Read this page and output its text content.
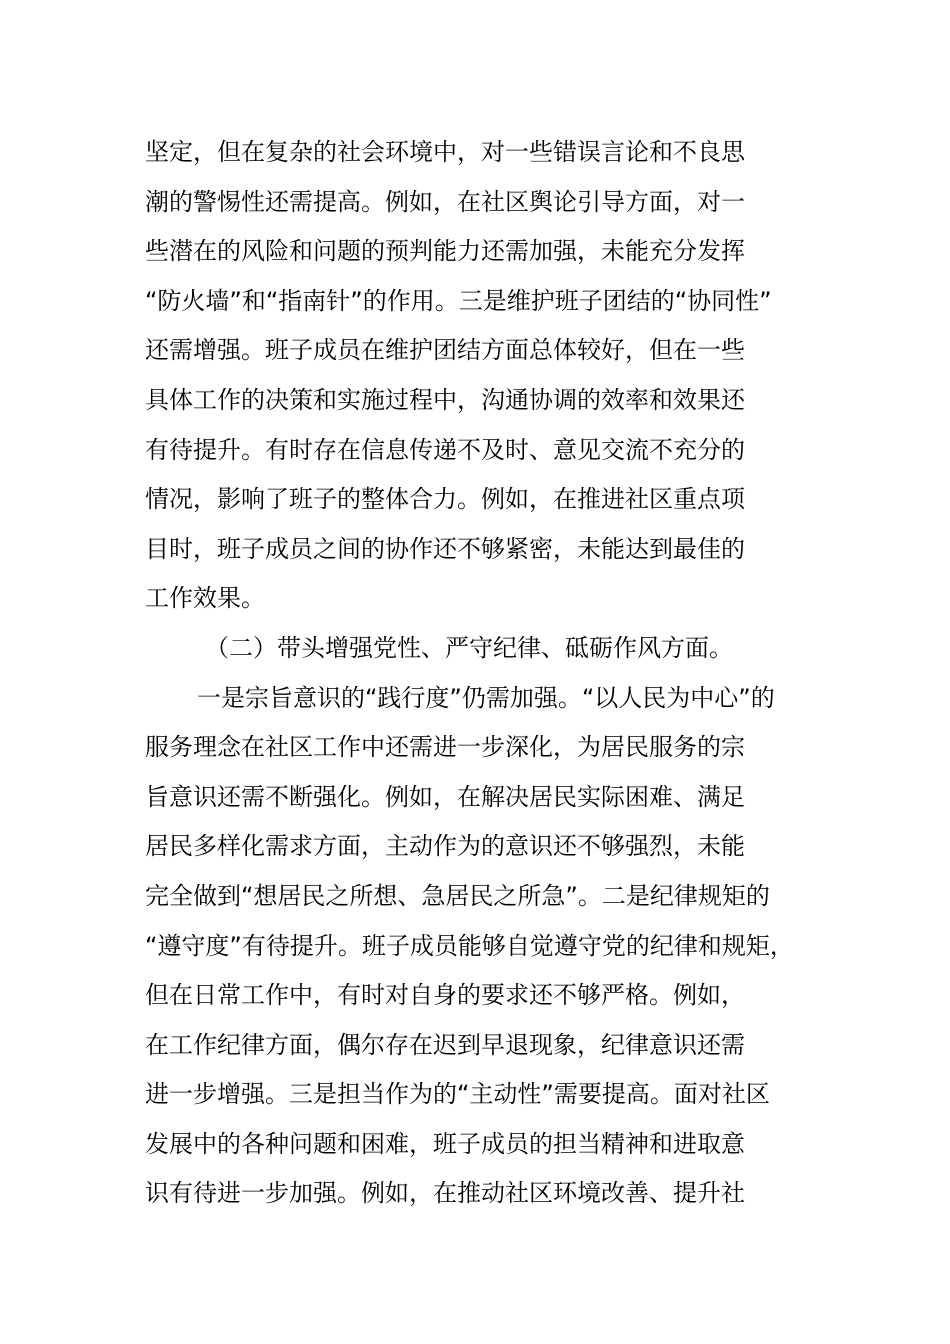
坚定，但在复杂的社会环境中，对一些错误言论和不良思
潮的警惕性还需提高。例如，在社区舆论引导方面，对一
些潜在的风险和问题的预判能力还需加强，未能充分发挥
“防火墙”和“指南针”的作用。三是维护班子团结的“协同性”
还需增强。班子成员在维护团结方面总体较好，但在一些
具体工作的决策和实施过程中，沟通协调的效率和效果还
有待提升。有时存在信息传递不及时、意见交流不充分的
情况，影响了班子的整体合力。例如，在推进社区重点项
目时，班子成员之间的协作还不够紧密，未能达到最佳的
工作效果。
（二）带头增强党性、严守纪律、砥砺作风方面。
一是宗旨意识的“践行度”仍需加强。“以人民为中心”的
服务理念在社区工作中还需进一步深化，为居民服务的宗
旨意识还需不断强化。例如，在解决居民实际困难、满足
居民多样化需求方面，主动作为的意识还不够强烈，未能
完全做到“想居民之所想、急居民之所急”。二是纪律规矩的
“遵守度”有待提升。班子成员能够自觉遵守党的纪律和规矩，
但在日常工作中，有时对自身的要求还不够严格。例如，
在工作纪律方面，偶尔存在迟到早退现象，纪律意识还需
进一步增强。三是担当作为的“主动性”需要提高。面对社区
发展中的各种问题和困难，班子成员的担当精神和进取意
识有待进一步加强。例如，在推动社区环境改善、提升社
